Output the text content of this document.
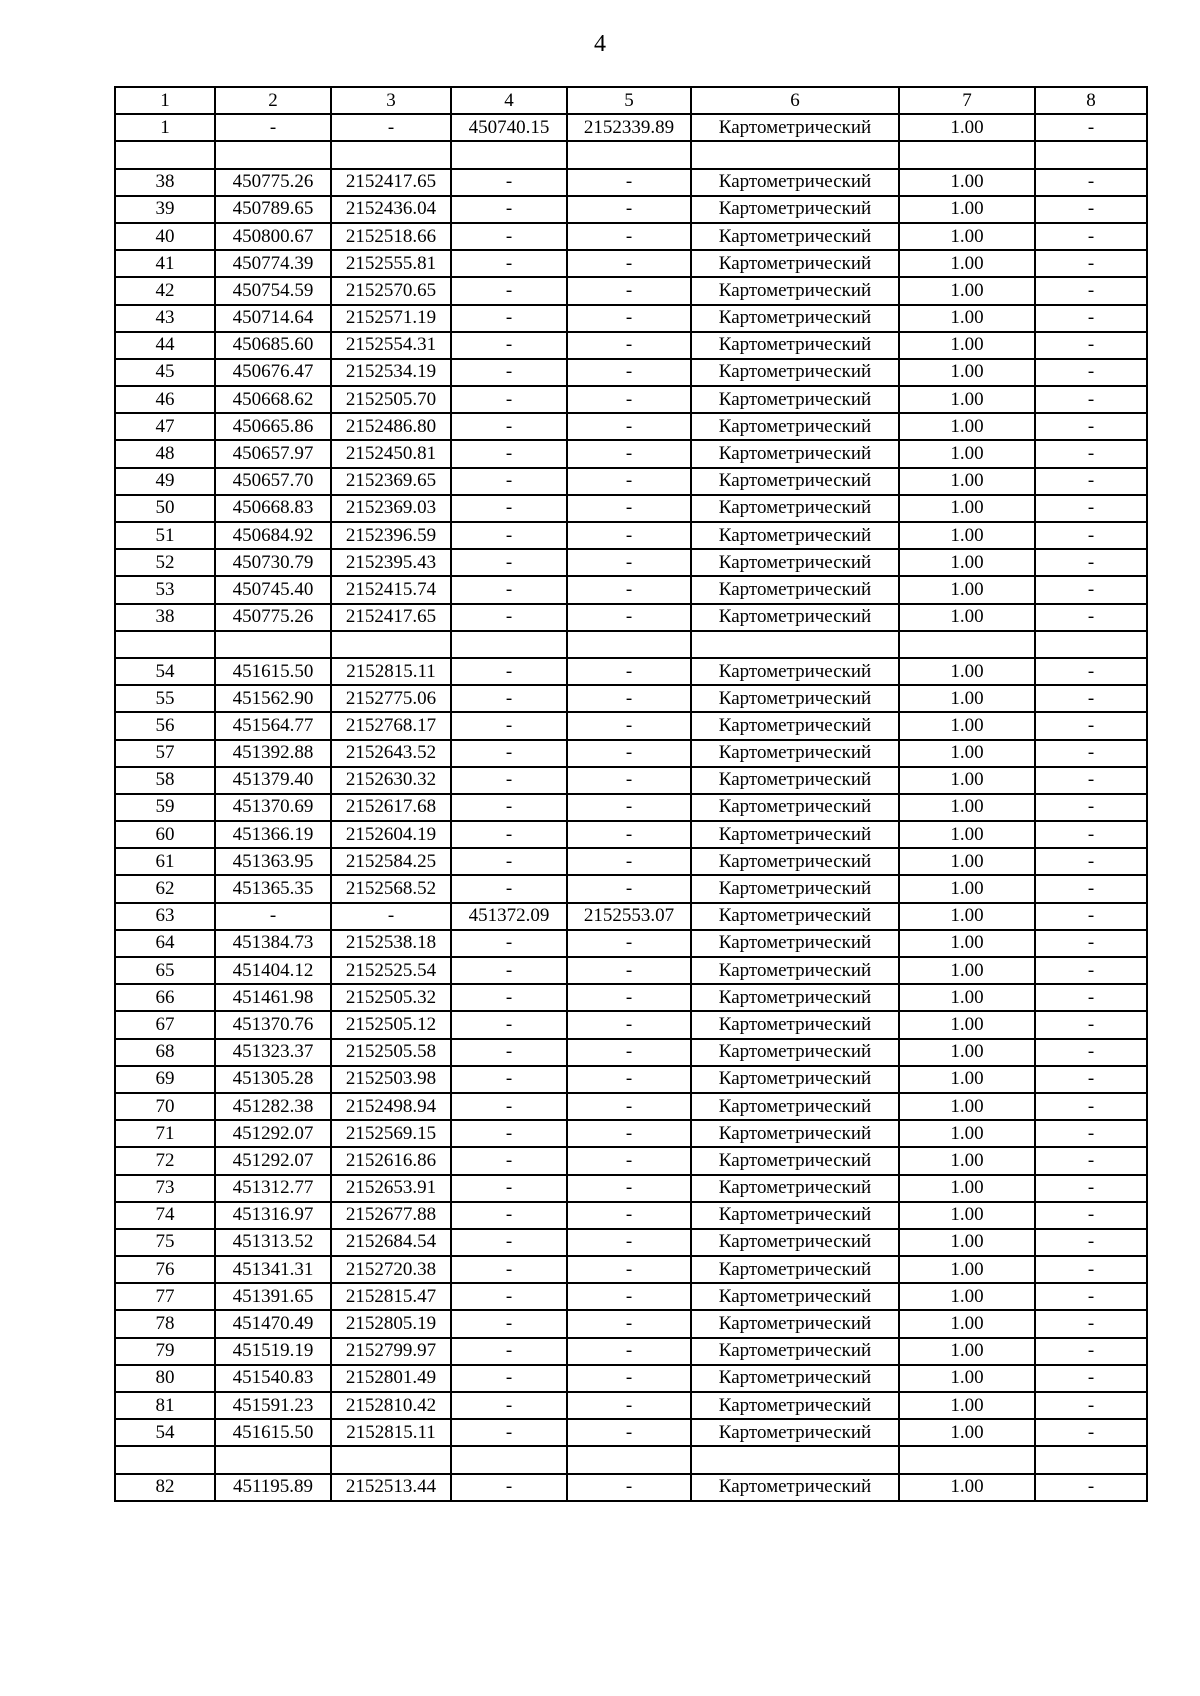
4
1	2	3	4	5	6	7	8
1	-	-	450740.15	2152339.89	Картометрический	1.00	-

38	450775.26	2152417.65	-	-	Картометрический	1.00	-
39	450789.65	2152436.04	-	-	Картометрический	1.00	-
40	450800.67	2152518.66	-	-	Картометрический	1.00	-
41	450774.39	2152555.81	-	-	Картометрический	1.00	-
42	450754.59	2152570.65	-	-	Картометрический	1.00	-
43	450714.64	2152571.19	-	-	Картометрический	1.00	-
44	450685.60	2152554.31	-	-	Картометрический	1.00	-
45	450676.47	2152534.19	-	-	Картометрический	1.00	-
46	450668.62	2152505.70	-	-	Картометрический	1.00	-
47	450665.86	2152486.80	-	-	Картометрический	1.00	-
48	450657.97	2152450.81	-	-	Картометрический	1.00	-
49	450657.70	2152369.65	-	-	Картометрический	1.00	-
50	450668.83	2152369.03	-	-	Картометрический	1.00	-
51	450684.92	2152396.59	-	-	Картометрический	1.00	-
52	450730.79	2152395.43	-	-	Картометрический	1.00	-
53	450745.40	2152415.74	-	-	Картометрический	1.00	-
38	450775.26	2152417.65	-	-	Картометрический	1.00	-

54	451615.50	2152815.11	-	-	Картометрический	1.00	-
55	451562.90	2152775.06	-	-	Картометрический	1.00	-
56	451564.77	2152768.17	-	-	Картометрический	1.00	-
57	451392.88	2152643.52	-	-	Картометрический	1.00	-
58	451379.40	2152630.32	-	-	Картометрический	1.00	-
59	451370.69	2152617.68	-	-	Картометрический	1.00	-
60	451366.19	2152604.19	-	-	Картометрический	1.00	-
61	451363.95	2152584.25	-	-	Картометрический	1.00	-
62	451365.35	2152568.52	-	-	Картометрический	1.00	-
63	-	-	451372.09	2152553.07	Картометрический	1.00	-
64	451384.73	2152538.18	-	-	Картометрический	1.00	-
65	451404.12	2152525.54	-	-	Картометрический	1.00	-
66	451461.98	2152505.32	-	-	Картометрический	1.00	-
67	451370.76	2152505.12	-	-	Картометрический	1.00	-
68	451323.37	2152505.58	-	-	Картометрический	1.00	-
69	451305.28	2152503.98	-	-	Картометрический	1.00	-
70	451282.38	2152498.94	-	-	Картометрический	1.00	-
71	451292.07	2152569.15	-	-	Картометрический	1.00	-
72	451292.07	2152616.86	-	-	Картометрический	1.00	-
73	451312.77	2152653.91	-	-	Картометрический	1.00	-
74	451316.97	2152677.88	-	-	Картометрический	1.00	-
75	451313.52	2152684.54	-	-	Картометрический	1.00	-
76	451341.31	2152720.38	-	-	Картометрический	1.00	-
77	451391.65	2152815.47	-	-	Картометрический	1.00	-
78	451470.49	2152805.19	-	-	Картометрический	1.00	-
79	451519.19	2152799.97	-	-	Картометрический	1.00	-
80	451540.83	2152801.49	-	-	Картометрический	1.00	-
81	451591.23	2152810.42	-	-	Картометрический	1.00	-
54	451615.50	2152815.11	-	-	Картометрический	1.00	-

82	451195.89	2152513.44	-	-	Картометрический	1.00	-
